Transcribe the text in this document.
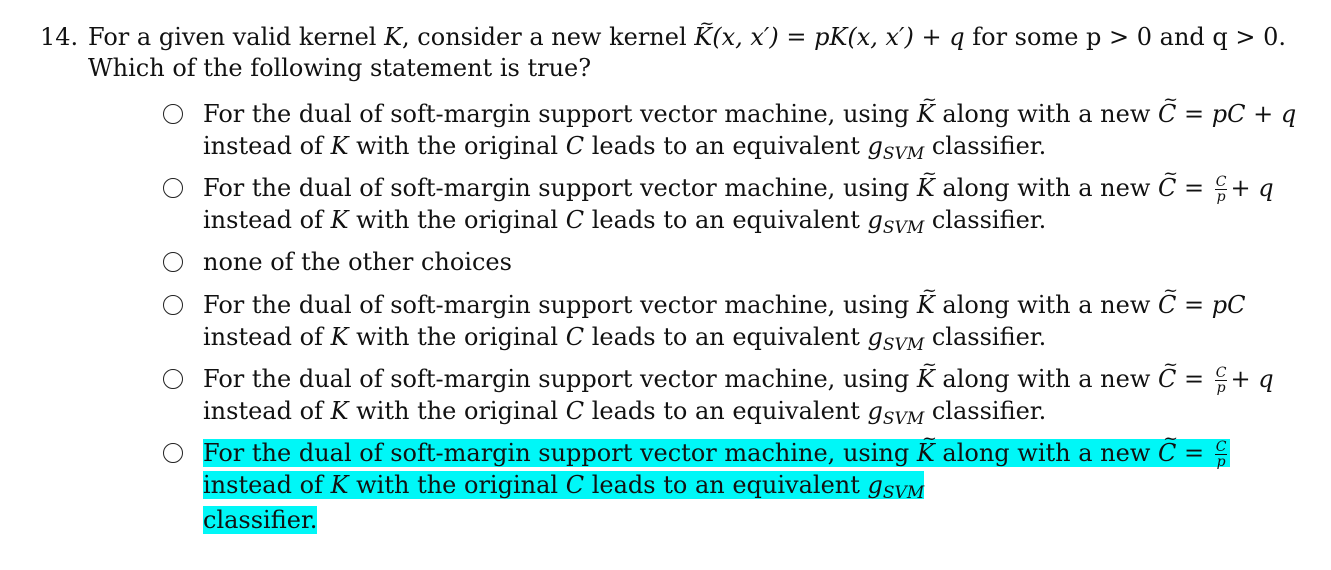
14. For a given valid kernel K, consider a new kernel ~ K(x, x′) = pK(x, x′) + q for some p > 0 and q > 0.
Which of the following statement is true?
For the dual of soft-margin support vector machine, using ~ K along with a new ~ C = pC + q
instead of K with the original C leads to an equivalent $g_{SVM}$ classifier.
For the dual of soft-margin support vector machine, using ~ K along with a new ~ $C = \frac{C}{p} + q$
instead of K with the original C leads to an equivalent $g_{SVM}$ classifier.
none of the other choices
For the dual of soft-margin support vector machine, using ~ K along with a new ~ C = pC
instead of K with the original C leads to an equivalent $g_{SVM}$ classifier.
For the dual of soft-margin support vector machine, using ~ K along with a new ~ $C = \frac{C}{p} + q$
instead of K with the original C leads to an equivalent $g_{SVM}$ classifier.
For the dual of soft-margin support vector machine, using ~ K along with a new ~ $C = \frac{C}{p}$
instead of K with the original C leads to an equivalent $g_{SVM}$
classifier.
